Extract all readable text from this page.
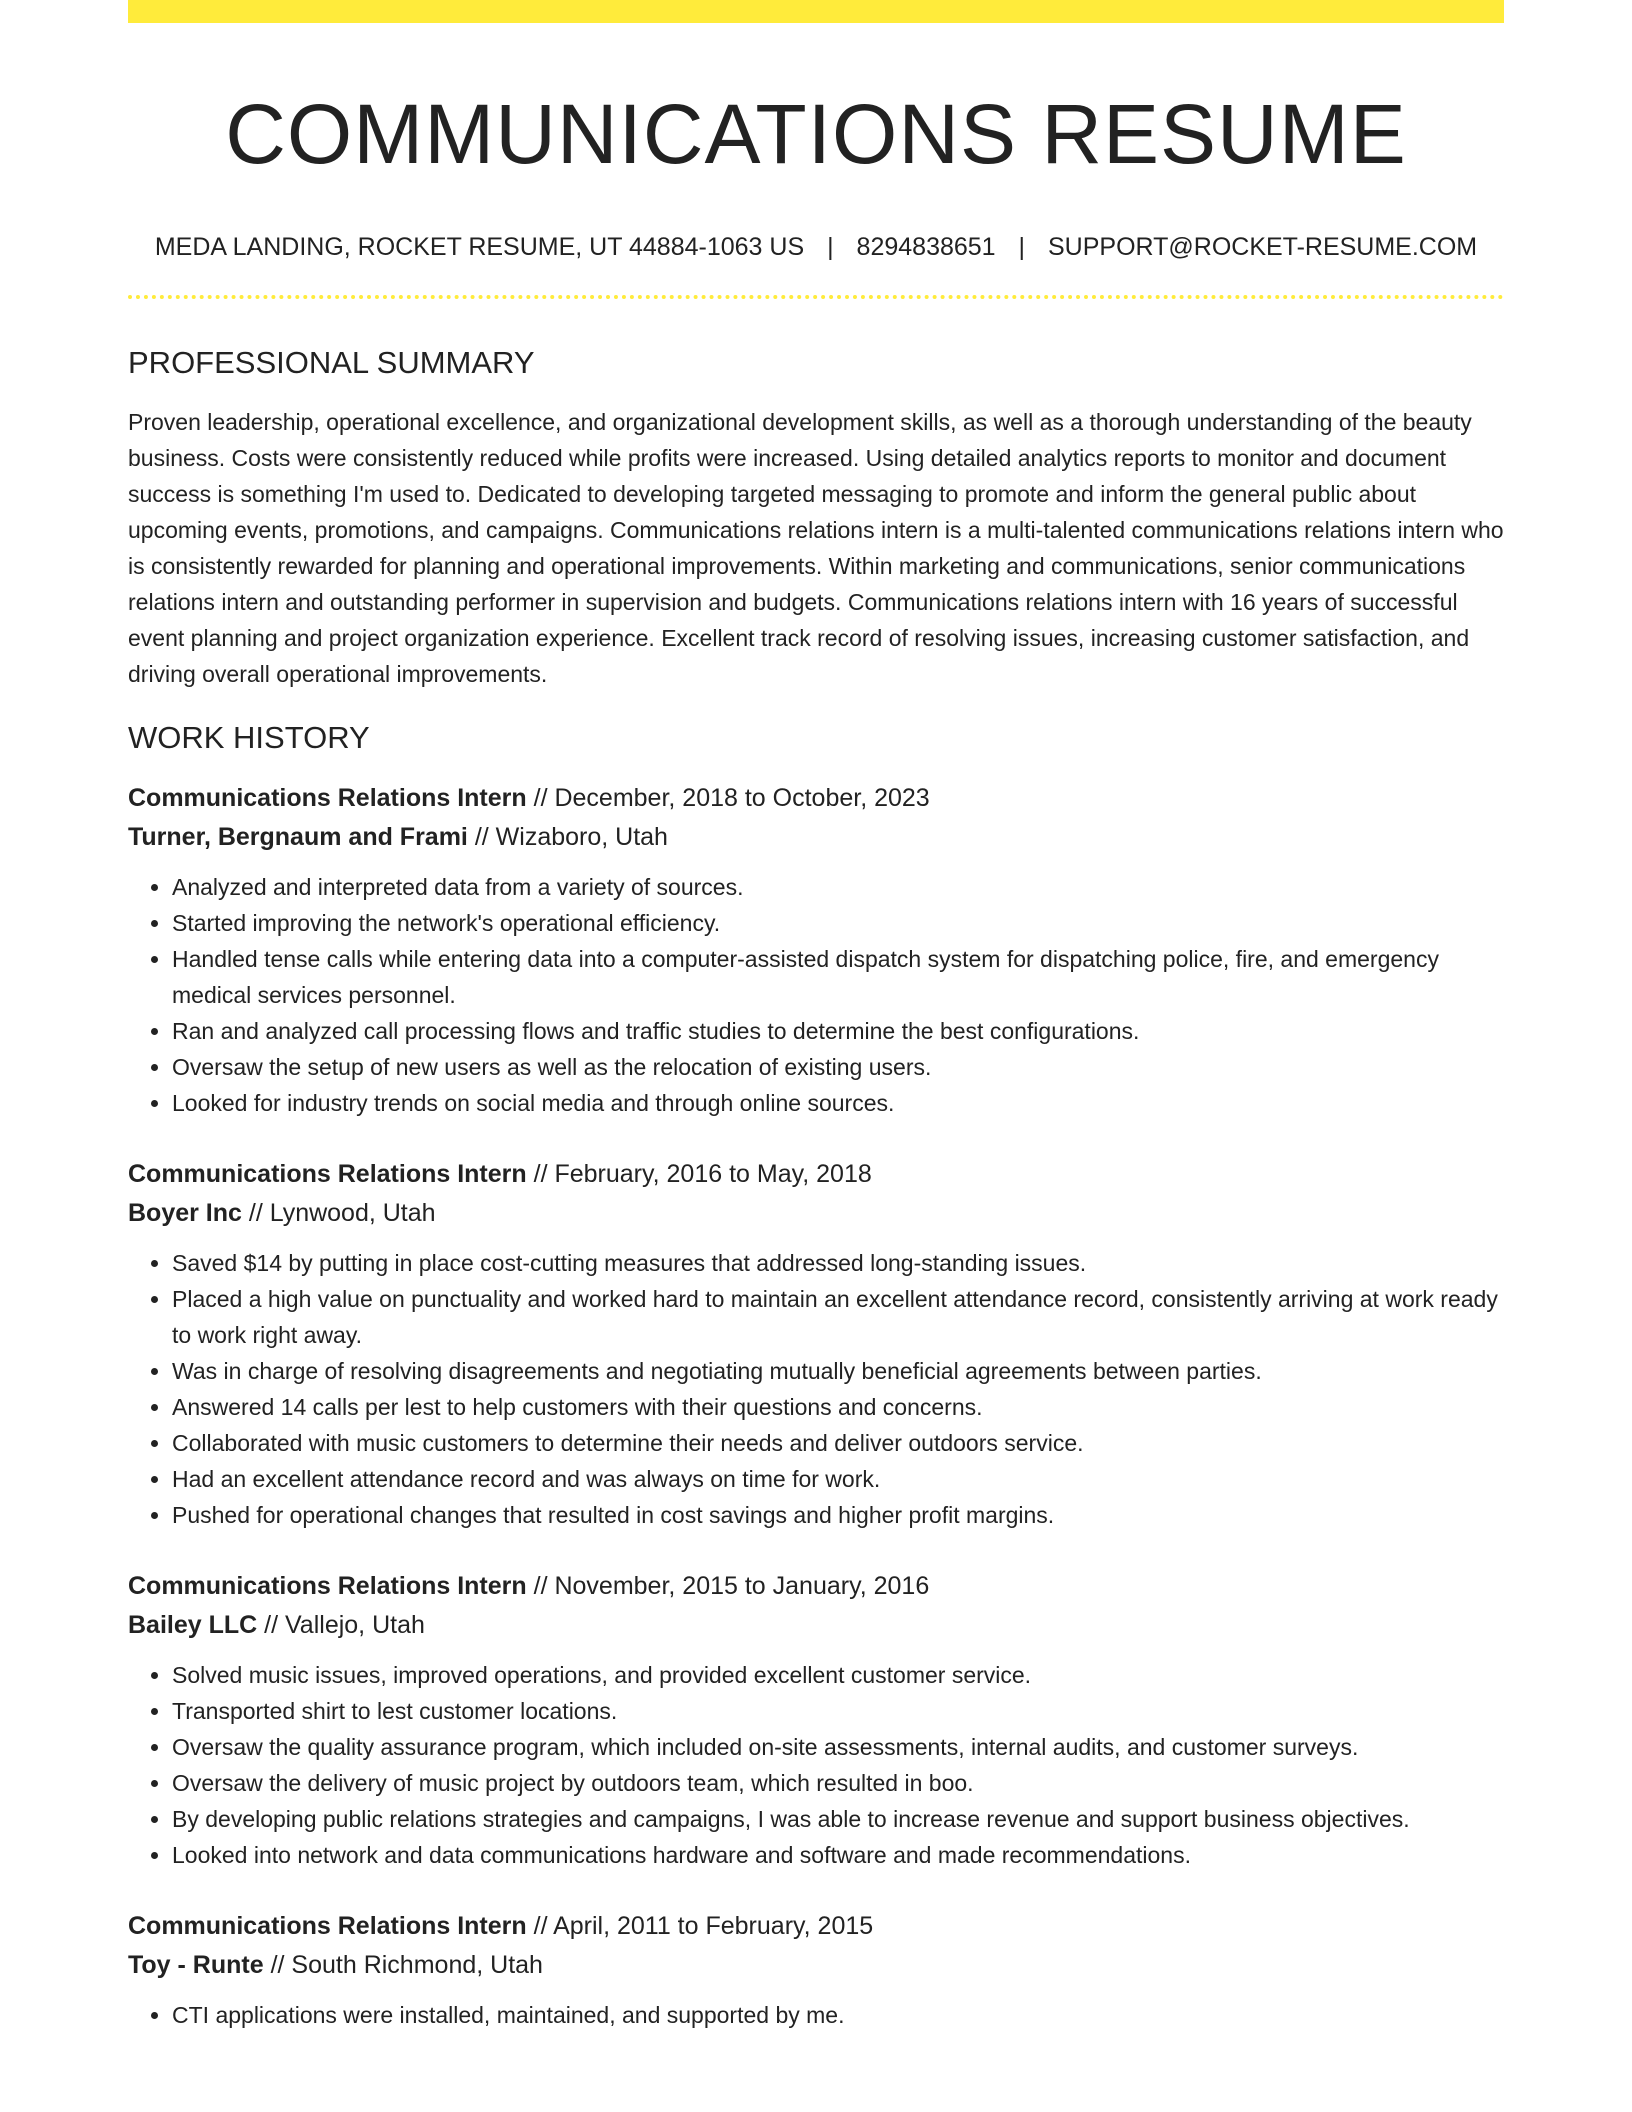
COMMUNICATIONS RESUME
MEDA LANDING, ROCKET RESUME, UT 44884-1063 US | 8294838651 | SUPPORT@ROCKET-RESUME.COM
PROFESSIONAL SUMMARY

Proven leadership, operational excellence, and organizational development skills, as well as a thorough understanding of the beauty business. Costs were consistently reduced while profits were increased. Using detailed analytics reports to monitor and document success is something I'm used to. Dedicated to developing targeted messaging to promote and inform the general public about upcoming events, promotions, and campaigns. Communications relations intern is a multi-talented communications relations intern who is consistently rewarded for planning and operational improvements. Within marketing and communications, senior communications relations intern and outstanding performer in supervision and budgets. Communications relations intern with 16 years of successful event planning and project organization experience. Excellent track record of resolving issues, increasing customer satisfaction, and driving overall operational improvements.

WORK HISTORY
Communications Relations Intern // December, 2018 to October, 2023
Turner, Bergnaum and Frami // Wizaboro, Utah
• Analyzed and interpreted data from a variety of sources.
• Started improving the network's operational efficiency.
• Handled tense calls while entering data into a computer-assisted dispatch system for dispatching police, fire, and emergency medical services personnel.
• Ran and analyzed call processing flows and traffic studies to determine the best configurations.
• Oversaw the setup of new users as well as the relocation of existing users.
• Looked for industry trends on social media and through online sources.
Communications Relations Intern // February, 2016 to May, 2018
Boyer Inc // Lynwood, Utah
• Saved $14 by putting in place cost-cutting measures that addressed long-standing issues.
• Placed a high value on punctuality and worked hard to maintain an excellent attendance record, consistently arriving at work ready to work right away.
• Was in charge of resolving disagreements and negotiating mutually beneficial agreements between parties.
• Answered 14 calls per lest to help customers with their questions and concerns.
• Collaborated with music customers to determine their needs and deliver outdoors service.
• Had an excellent attendance record and was always on time for work.
• Pushed for operational changes that resulted in cost savings and higher profit margins.
Communications Relations Intern // November, 2015 to January, 2016
Bailey LLC // Vallejo, Utah
• Solved music issues, improved operations, and provided excellent customer service.
• Transported shirt to lest customer locations.
• Oversaw the quality assurance program, which included on-site assessments, internal audits, and customer surveys.
• Oversaw the delivery of music project by outdoors team, which resulted in boo.
• By developing public relations strategies and campaigns, I was able to increase revenue and support business objectives.
• Looked into network and data communications hardware and software and made recommendations.
Communications Relations Intern // April, 2011 to February, 2015
Toy - Runte // South Richmond, Utah
• CTI applications were installed, maintained, and supported by me.
